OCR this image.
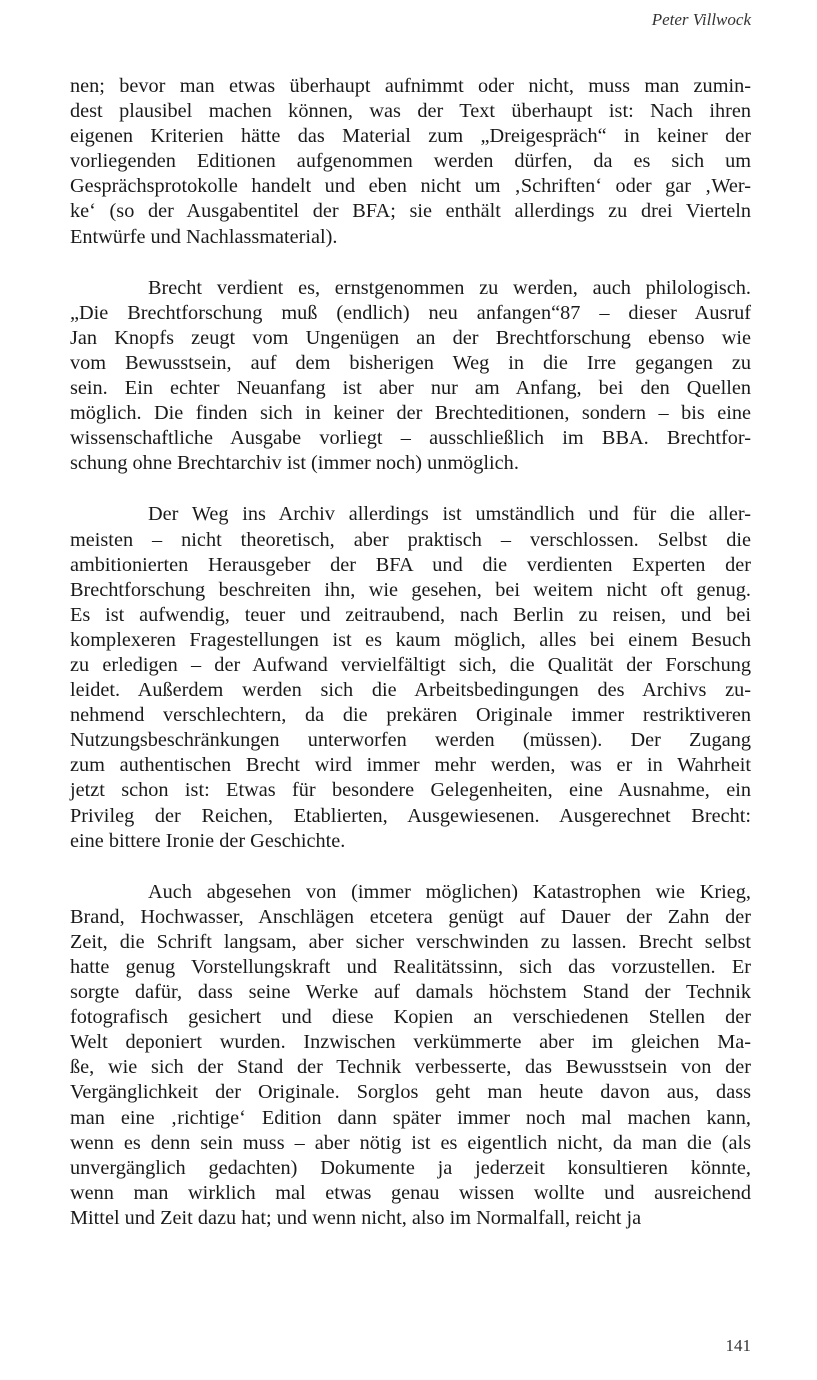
Peter Villwock
nen; bevor man etwas überhaupt aufnimmt oder nicht, muss man zumin-
dest plausibel machen können, was der Text überhaupt ist: Nach ihren
eigenen Kriterien hätte das Material zum „Dreigespräch“ in keiner der
vorliegenden Editionen aufgenommen werden dürfen, da es sich um
Gesprächsprotokolle handelt und eben nicht um ‚Schriften‘ oder gar ‚Wer-
ke‘ (so der Ausgabentitel der BFA; sie enthält allerdings zu drei Vierteln
Entwürfe und Nachlassmaterial).
Brecht verdient es, ernstgenommen zu werden, auch philologisch.
„Die Brechtforschung muß (endlich) neu anfangen“87 – dieser Ausruf
Jan Knopfs zeugt vom Ungenügen an der Brechtforschung ebenso wie
vom Bewusstsein, auf dem bisherigen Weg in die Irre gegangen zu
sein. Ein echter Neuanfang ist aber nur am Anfang, bei den Quellen
möglich. Die finden sich in keiner der Brechteditionen, sondern – bis eine
wissenschaftliche Ausgabe vorliegt – ausschließlich im BBA. Brechtfor-
schung ohne Brechtarchiv ist (immer noch) unmöglich.
Der Weg ins Archiv allerdings ist umständlich und für die aller-
meisten – nicht theoretisch, aber praktisch – verschlossen. Selbst die
ambitionierten Herausgeber der BFA und die verdienten Experten der
Brechtforschung beschreiten ihn, wie gesehen, bei weitem nicht oft genug.
Es ist aufwendig, teuer und zeitraubend, nach Berlin zu reisen, und bei
komplexeren Fragestellungen ist es kaum möglich, alles bei einem Besuch
zu erledigen – der Aufwand vervielfältigt sich, die Qualität der Forschung
leidet. Außerdem werden sich die Arbeitsbedingungen des Archivs zu-
nehmend verschlechtern, da die prekären Originale immer restriktiveren
Nutzungsbeschränkungen unterworfen werden (müssen). Der Zugang
zum authentischen Brecht wird immer mehr werden, was er in Wahrheit
jetzt schon ist: Etwas für besondere Gelegenheiten, eine Ausnahme, ein
Privileg der Reichen, Etablierten, Ausgewiesenen. Ausgerechnet Brecht:
eine bittere Ironie der Geschichte.
Auch abgesehen von (immer möglichen) Katastrophen wie Krieg,
Brand, Hochwasser, Anschlägen etcetera genügt auf Dauer der Zahn der
Zeit, die Schrift langsam, aber sicher verschwinden zu lassen. Brecht selbst
hatte genug Vorstellungskraft und Realitätssinn, sich das vorzustellen. Er
sorgte dafür, dass seine Werke auf damals höchstem Stand der Technik
fotografisch gesichert und diese Kopien an verschiedenen Stellen der
Welt deponiert wurden. Inzwischen verkümmerte aber im gleichen Ma-
ße, wie sich der Stand der Technik verbesserte, das Bewusstsein von der
Vergänglichkeit der Originale. Sorglos geht man heute davon aus, dass
man eine ‚richtige‘ Edition dann später immer noch mal machen kann,
wenn es denn sein muss – aber nötig ist es eigentlich nicht, da man die (als
unvergänglich gedachten) Dokumente ja jederzeit konsultieren könnte,
wenn man wirklich mal etwas genau wissen wollte und ausreichend
Mittel und Zeit dazu hat; und wenn nicht, also im Normalfall, reicht ja
141
